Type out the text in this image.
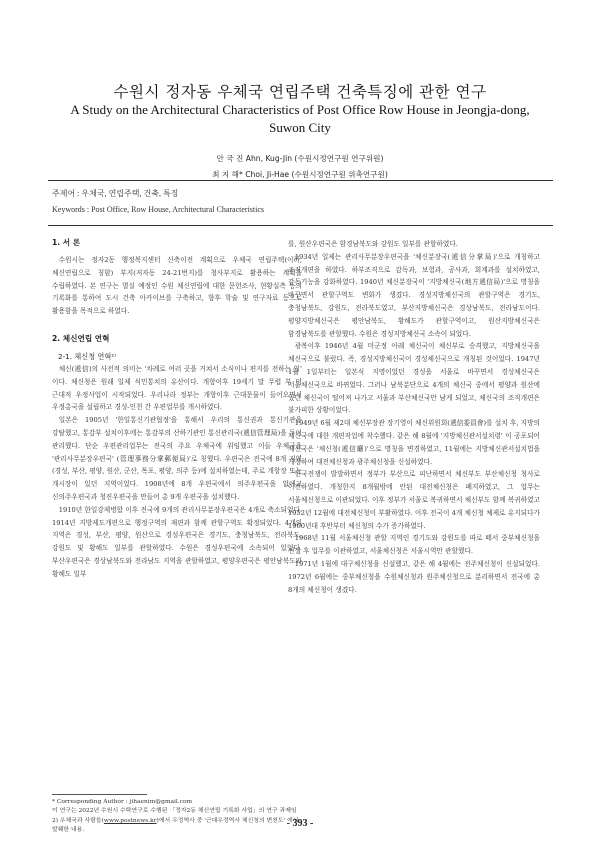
수원시 정자동 우체국 연립주택 건축특징에 관한 연구
A Study on the Architectural Characteristics of Post Office Row House in Jeongja-dong,
Suwon City
안 국 진 Ahn, Kug-Jin (수원시정연구원 연구위원)
최 지 해* Choi, Ji-Hae (수원시정연구원 위촉연구원)
주제어 : 우체국, 연립주택, 건축, 특징
Keywords : Post Office, Row House, Architectural Characteristics
1. 서 론

수원시는 정자2동 행정복지센터 신축이전 계획으로 우체국 연립주택(이하, 체신연립으로 칭함) 부지(저자동 24-21번지)를 청사부지로 활용하는 계획을 수립하였다. 본 연구는 멸실 예정인 수원 체신연립에 대한 문헌조사, 현황실측 등의 기록화를 통하여 도시 건축 아카이브를 구축하고, 향후 학술 및 연구자료 등으로 활용함을 목적으로 하였다.

2. 체신연립 연혁
2-1. 체신청 연혁²⁾

체신(遞信)의 사전적 의미는 '차례로 여러 곳을 거쳐서 소식이나 편지를 전하는 일' 이다. 체신청은 원래 일제 식민통치의 유산이다. 개항이후 19세기 말 무렵 부 터 근대적 우정사업이 시작되었다. 우리나라 정부는 개항이후 근대문물이 들어오면서 우정총국을 설립하고 경성-인천 간 우편업무를 개시하였다.

일본은 1905년 '한일통신기관협정'을 통해서 우리의 통신권과 통신기관을 강탈했고, 통감부 설치이후에는 통감부의 산하기관인 통신관리국(遞信管理局)을 두어 관리했다. 단순 우편관리업무는 전국의 주요 우체국에 위임했고 이들 우체국을 '관리사무분장우편국' (管理事務分掌郵便局)'로 칭했다. 우편국은 전국에 8개 지역(경성, 부산, 평양, 원산, 군산, 목포, 평양, 의주 등)에 설치하였는데, 주로 개항장 또는 개시장이 있던 지역이었다. 1908년에 8개 우편국에서 의주우편국을 없애고 신의주우편국과 청진우편국을 만들어 총 9개 우편국을 설치했다.

1910년 한일강제병합 이후 전국에 9개의 관리사무분장우편국은 4개로 축소되었다. 1914년 지방제도개편으로 행정구역의 재편과 함께 관할구역도 확정되었다. 4개의 지역은 경성, 부산, 평양, 원산으로 경성우편국은 경기도, 충청남북도, 전라북도, 강원도 및 황해도 일부를 관할하였다. 수원은 경성우편국에 소속되어 있었다. 부산우편국은 경상남북도와 전라남도 지역을 관할하였고, 평양우편국은 평안남북도와 황해도 일부

를, 원산우편국은 함경남북도와 강원도 일부를 관할하였다.

1934년 일제는 관리사무분장우편국을 '체신분장국(遞信分掌局)'으로 개칭하고 조직개편을 하였다. 하부조직으로 감독과, 보험과, 공사과, 회계과를 설치하였고, 감독기능을 강화하였다. 1940년 체신분장국이 '지방체신국(地方遞信局)'으로 명칭을 바꾸면서 관할구역도 변화가 생겼다. 경성지방체신국의 관할구역은 경기도, 충청남북도, 강원도, 전라북도였고, 부산지방체신국은 경상남북도, 전라남도이다. 평양지방체신국은 평안남북도, 황해도가 관할구역이고, 원산지방체신국은 함경남북도를 관할했다. 수원은 경성지방체신국 소속이 되었다.

광복이후 1946년 4월 미군정 아래 체신국이 체신부로 승격했고, 지방체신국을 체신국으로 불렀다. 즉, 경성지방체신국이 경성체신국으로 개칭된 것이었다. 1947년 1월 1일부터는 일본식 지명이었던 경성을 서울로 바꾸면서 경성체신국은 서울체신국으로 바뀌었다. 그러나 남북분단으로 4개의 체신국 중에서 평양과 원산에 있던 체신국이 떨어져 나가고 서울과 부산체신국만 남게 되었고, 체신국의 조직개편은 불가피한 상황이었다.

1949년 6월 제2대 체신부장관 장기영이 체신위원회(遞信委員會)를 설치 후, 지방의 체신국에 대한 개편작업에 착수했다. 같은 해 8월에 '지방체신관서설치령' 이 공포되어 체신국은 '체신청(遞信廳)'으로 명칭을 변경하였고, 11월에는 지방체신관서설치법을 개정하여 대전체신청과 광주체신청을 신설하였다.

한국전쟁이 발발하면서 정부가 부산으로 피난하면서 체신부도 부산체신청 청사로 이전하였다. 개청한지 8개월밖에 안된 대전체신청은 폐지하였고, 그 업무는 서울체신청으로 이관되었다. 이후 정부가 서울로 복귀하면서 체신부도 함께 복귀하였고 1952년 12월에 대전체신청이 부활하였다. 이후 전국이 4개 체신청 체제로 유지되다가 1960년대 후반부터 체신청의 수가 증가하였다.

1968년 11월 서울체신청 관할 지역인 경기도와 강원도를 따로 떼서 중부체신청을 신설 후 업무를 이관하였고, 서울체신청은 서울시역만 관할했다.

1971년 1월에 대구체신청을 신설했고, 같은 해 4월에는 전주체신청이 신설되었다. 1972년 6월에는 중부체신청을 수원체신청과 원주체신청으로 분리하면서 전국에 총 8개의 체신청이 생겼다.

* Corresponding Author : jihaenim@gmail.com
이 연구는 2022년 수원시 수탁연구로 수행된 「정자2동 체신연립 기록화 사업」의 연구 과제임
2) 우체국과 사람들(www.postnews.kr)에서 우정역사 중 '근대우정역사 체신청의 변천도' 에서 발췌한 내용.
- 393 -
